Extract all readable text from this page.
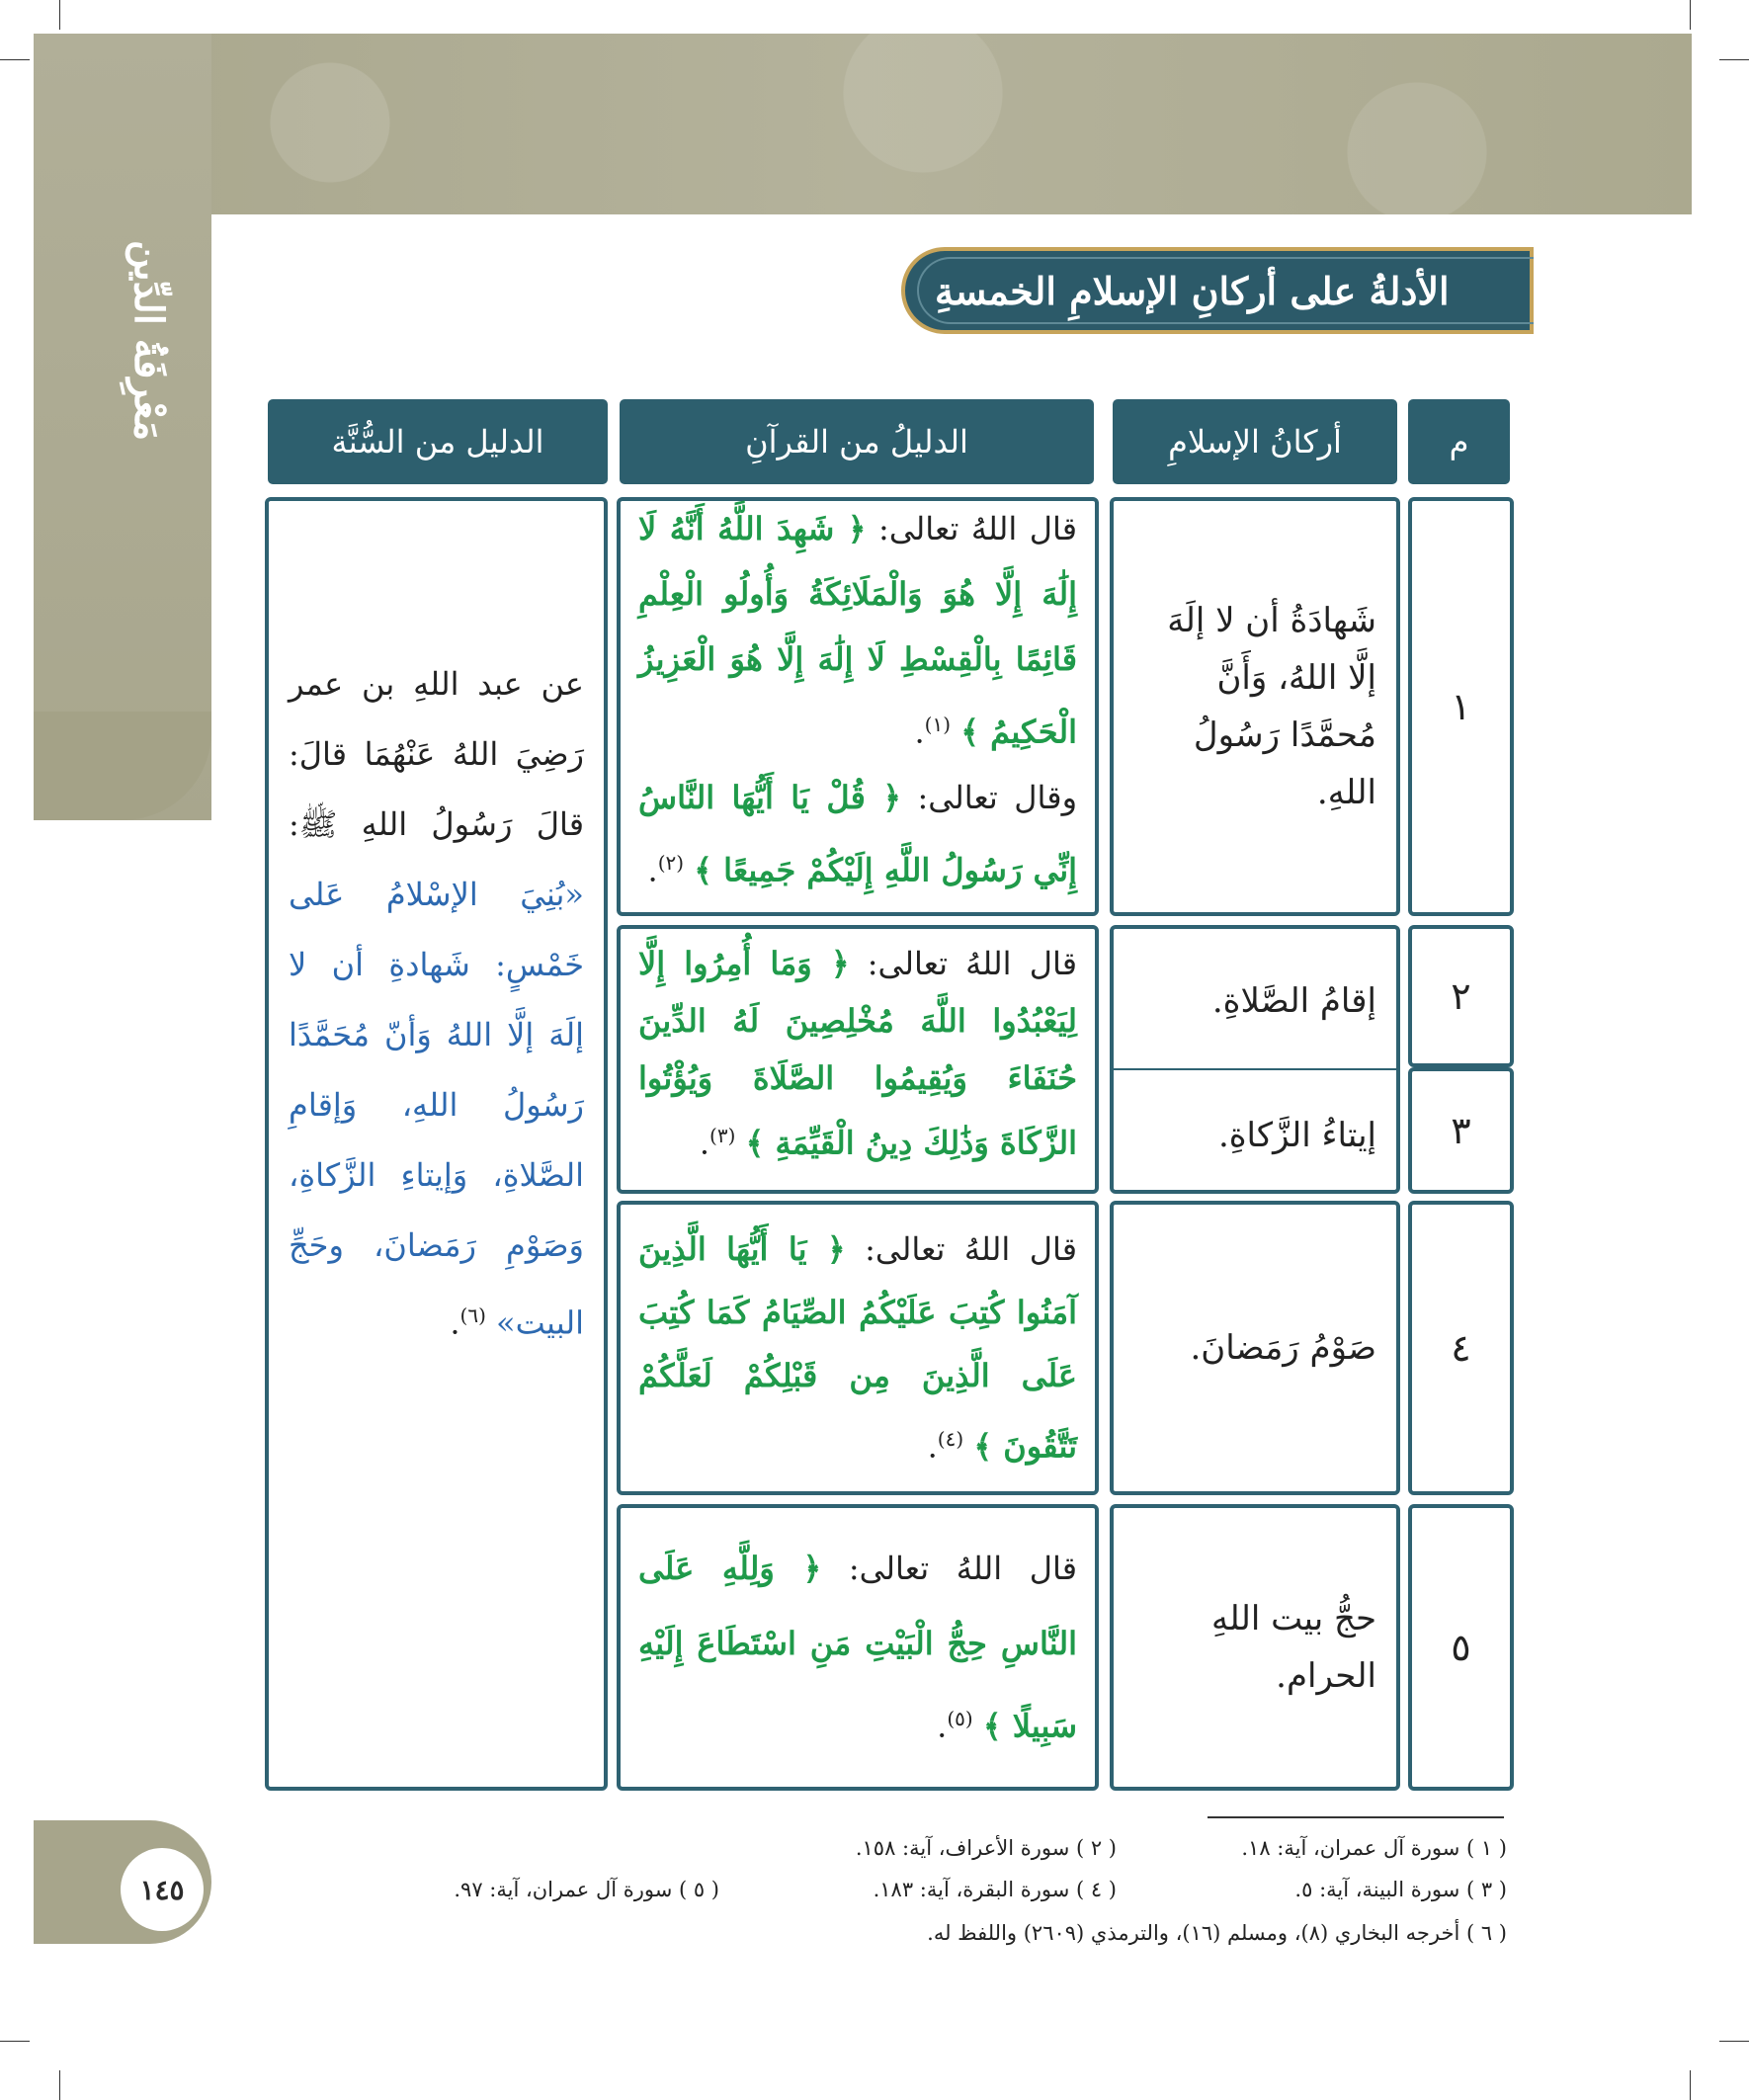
مَعْرِفَةُ الدِّين
١٤٥
الأدلةُ على أركانِ الإسلامِ الخمسةِ
م
أركانُ الإسلامِ
الدليلُ من القرآنِ
الدليل من السُّنَّة
١
شَهادَةُ أن لا إلَهَ إلَّا اللهُ، وَأَنَّ مُحمَّدًا رَسُولُ اللهِ.
قال اللهُ تعالى: ﴿ شَهِدَ اللَّهُ أَنَّهُ لَا إِلَٰهَ إِلَّا هُوَ وَالْمَلَائِكَةُ وَأُولُو الْعِلْمِ قَائِمًا بِالْقِسْطِ لَا إِلَٰهَ إِلَّا هُوَ الْعَزِيزُ الْحَكِيمُ ﴾ $^{(١)}$.
وقال تعالى: ﴿ قُلْ يَا أَيُّهَا النَّاسُ إِنِّي رَسُولُ اللَّهِ إِلَيْكُمْ جَمِيعًا ﴾ $^{(٢)}$.
٢
٣
إقامُ الصَّلاةِ.
إيتاءُ الزَّكاةِ.
قال اللهُ تعالى: ﴿ وَمَا أُمِرُوا إِلَّا لِيَعْبُدُوا اللَّهَ مُخْلِصِينَ لَهُ الدِّينَ حُنَفَاءَ وَيُقِيمُوا الصَّلَاةَ وَيُؤْتُوا الزَّكَاةَ وَذَٰلِكَ دِينُ الْقَيِّمَةِ ﴾ $^{(٣)}$.
٤
صَوْمُ رَمَضانَ.
قال اللهُ تعالى: ﴿ يَا أَيُّهَا الَّذِينَ آمَنُوا كُتِبَ عَلَيْكُمُ الصِّيَامُ كَمَا كُتِبَ عَلَى الَّذِينَ مِن قَبْلِكُمْ لَعَلَّكُمْ تَتَّقُونَ ﴾ $^{(٤)}$.
٥
حجُّ بيت اللهِ الحرام.
قال اللهُ تعالى: ﴿ وَلِلَّهِ عَلَى النَّاسِ حِجُّ الْبَيْتِ مَنِ اسْتَطَاعَ إِلَيْهِ سَبِيلًا ﴾ $^{(٥)}$.
عن عبد اللهِ بن عمر رَضِيَ اللهُ عَنْهُمَا قالَ: قالَ رَسُولُ اللهِ ﷺ: «بُنِيَ الإسْلامُ عَلى خَمْسٍ: شَهادةِ أن لا إلَهَ إلَّا اللهُ وَأنّ مُحَمَّدًا رَسُولُ اللهِ، وَإقامِ الصَّلاةِ، وَإيتاءِ الزَّكاةِ، وَصَوْمِ رَمَضانَ، وحَجِّ البيت» $^{(٦)}$.
( ١ ) سورة آل عمران، آية: ١٨.
( ٢ ) سورة الأعراف، آية: ١٥٨.
( ٣ ) سورة البينة، آية: ٥.
( ٤ ) سورة البقرة، آية: ١٨٣.
( ٥ ) سورة آل عمران، آية: ٩٧.
( ٦ ) أخرجه البخاري (٨)، ومسلم (١٦)، والترمذي (٢٦٠٩) واللفظ له.
